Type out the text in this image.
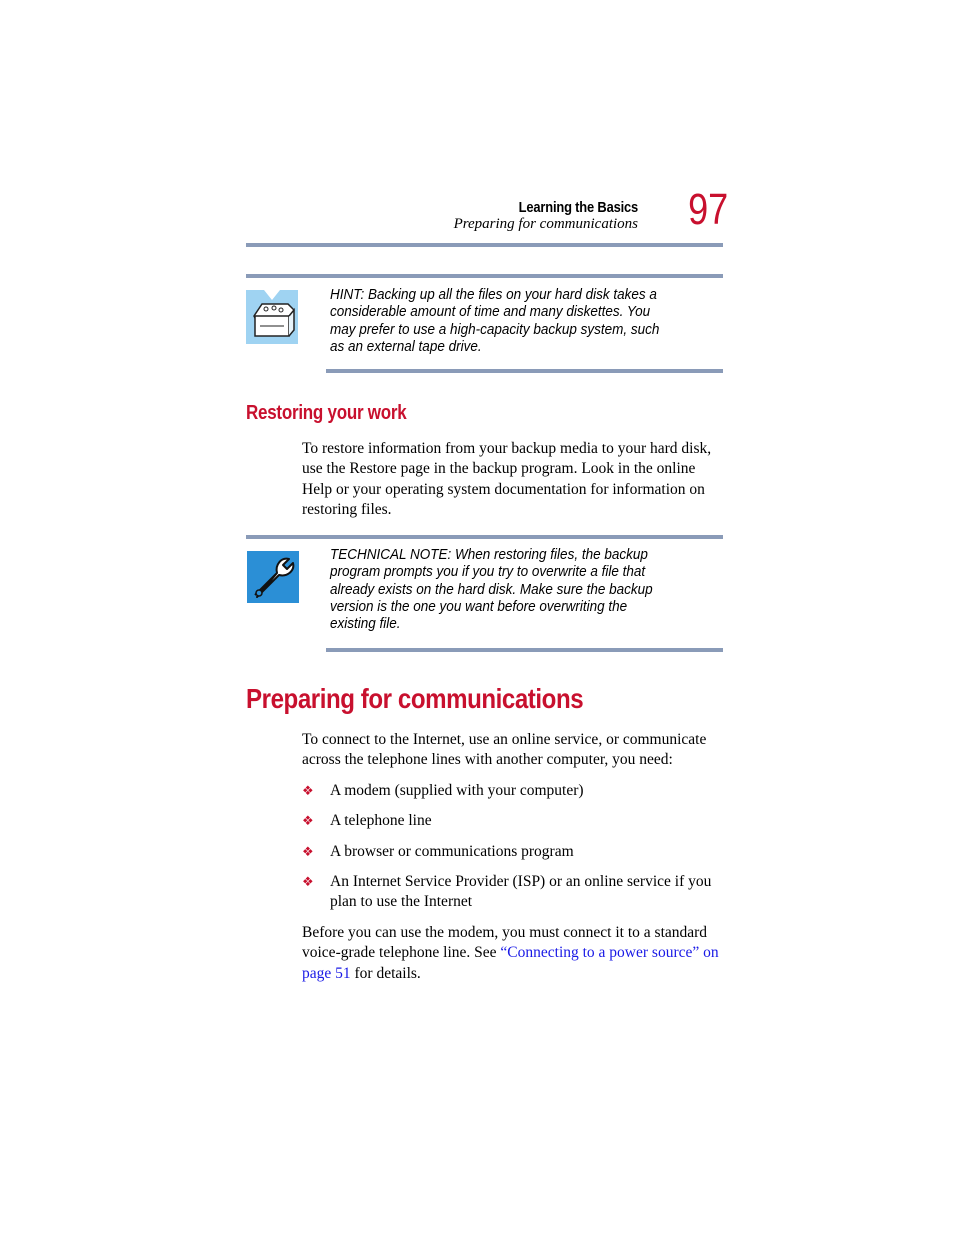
Learning the Basics
Preparing for communications 97
HINT: Backing up all the files on your hard disk takes a considerable amount of time and many diskettes. You may prefer to use a high-capacity backup system, such as an external tape drive.
Restoring your work
To restore information from your backup media to your hard disk, use the Restore page in the backup program. Look in the online Help or your operating system documentation for information on restoring files.
TECHNICAL NOTE: When restoring files, the backup program prompts you if you try to overwrite a file that already exists on the hard disk. Make sure the backup version is the one you want before overwriting the existing file.
Preparing for communications
To connect to the Internet, use an online service, or communicate across the telephone lines with another computer, you need:
❖ A modem (supplied with your computer)
❖ A telephone line
❖ A browser or communications program
❖ An Internet Service Provider (ISP) or an online service if you plan to use the Internet
Before you can use the modem, you must connect it to a standard voice-grade telephone line. See “Connecting to a power source” on page 51 for details.
